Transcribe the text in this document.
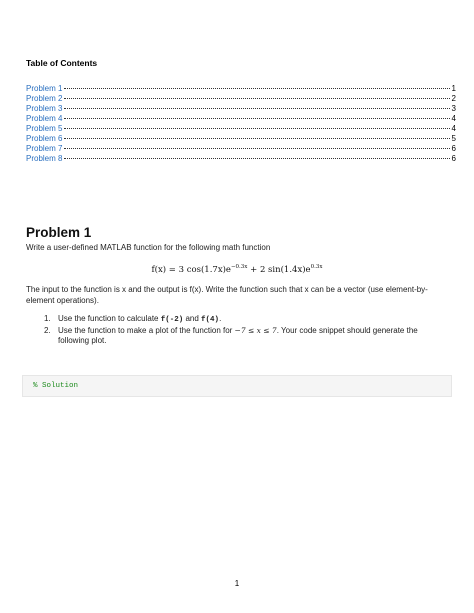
Table of Contents
Problem 1	1
Problem 2	2
Problem 3	3
Problem 4	4
Problem 5	4
Problem 6	5
Problem 7	6
Problem 8	6
Problem 1
Write a user-defined MATLAB function for the following math function
f(x) = 3 $\cos(1.7x)e^{-0.3x} + 2$ $\sin(1.4x)e^{0.3x}$
The input to the function is x and the output is f(x). Write the function such that x can be a vector (use element-by-element operations).
1. Use the function to calculate f(-2) and f(4).
2. Use the function to make a plot of the function for −7 ≤ x ≤ 7. Your code snippet should generate the following plot.
% Solution
1
